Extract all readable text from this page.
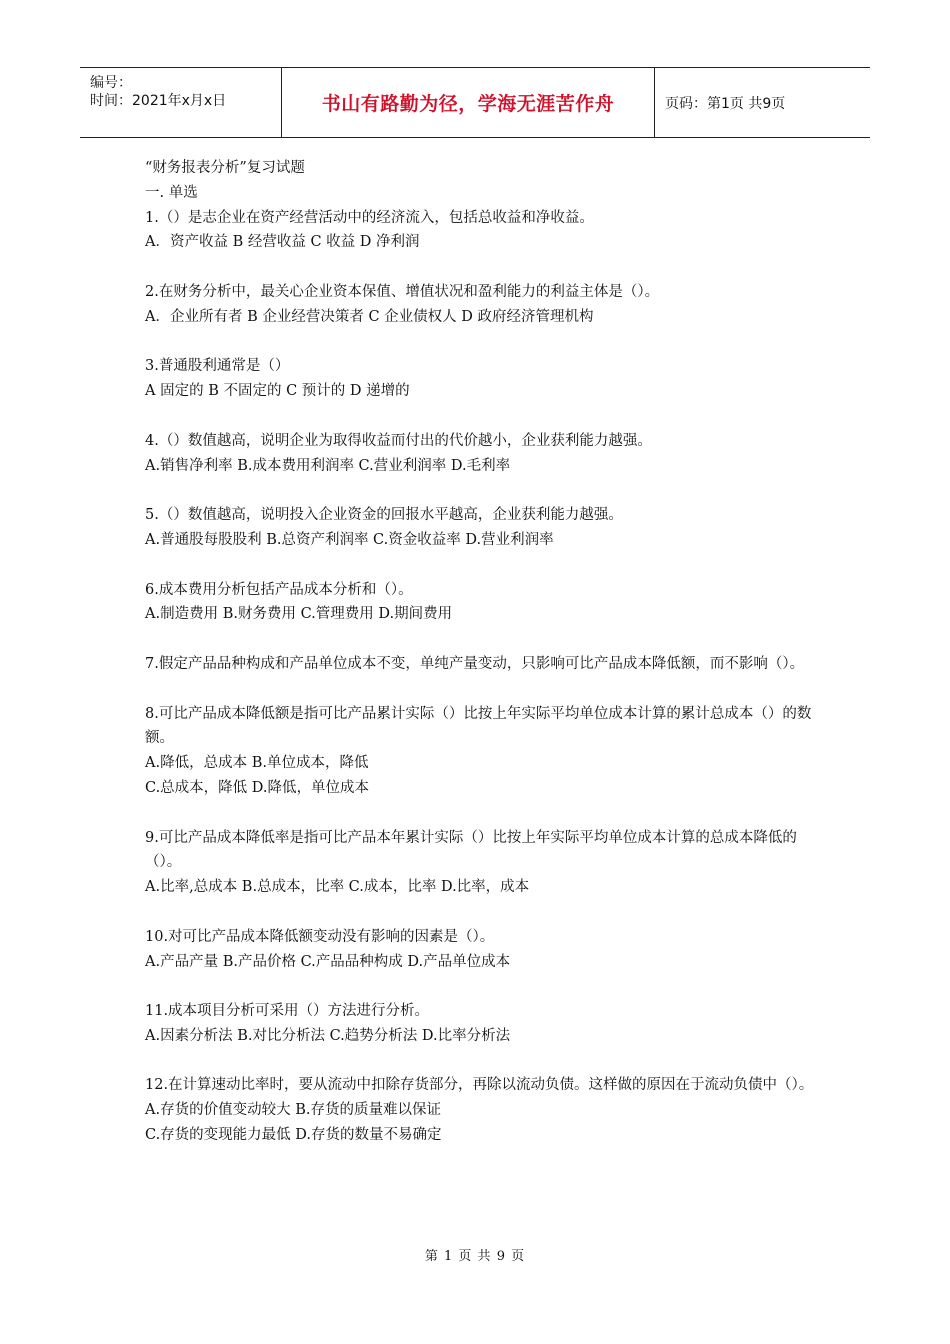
编号：
时间：2021年x月x日	书山有路勤为径，学海无涯苦作舟	页码：第1页 共9页

“财务报表分析”复习试题

一. 单选

1.（）是志企业在资产经营活动中的经济流入，包括总收益和净收益。

A．资产收益 B 经营收益 C 收益 D 净利润

2.在财务分析中，最关心企业资本保值、增值状况和盈利能力的利益主体是（）。

A．企业所有者 B 企业经营决策者 C 企业债权人 D 政府经济管理机构

3.普通股利通常是（）

A 固定的 B 不固定的 C 预计的 D 递增的

4.（）数值越高，说明企业为取得收益而付出的代价越小，企业获利能力越强。

A.销售净利率 B.成本费用利润率 C.营业利润率 D.毛利率

5.（）数值越高，说明投入企业资金的回报水平越高，企业获利能力越强。

A.普通股每股股利 B.总资产利润率 C.资金收益率 D.营业利润率

6.成本费用分析包括产品成本分析和（）。

A.制造费用 B.财务费用 C.管理费用 D.期间费用

7.假定产品品种构成和产品单位成本不变，单纯产量变动，只影响可比产品成本降低额，而不影响（）。

8.可比产品成本降低额是指可比产品累计实际（）比按上年实际平均单位成本计算的累计总成本（）的数额。

A.降低，总成本 B.单位成本，降低

C.总成本，降低 D.降低，单位成本

9.可比产品成本降低率是指可比产品本年累计实际（）比按上年实际平均单位成本计算的总成本降低的（）。

A.比率,总成本 B.总成本，比率 C.成本，比率 D.比率，成本

10.对可比产品成本降低额变动没有影响的因素是（）。

A.产品产量 B.产品价格 C.产品品种构成 D.产品单位成本

11.成本项目分析可采用（）方法进行分析。

A.因素分析法 B.对比分析法 C.趋势分析法 D.比率分析法

12.在计算速动比率时，要从流动中扣除存货部分，再除以流动负债。这样做的原因在于流动负债中（）。

A.存货的价值变动较大 B.存货的质量难以保证

C.存货的变现能力最低 D.存货的数量不易确定

第 1 页 共 9 页
